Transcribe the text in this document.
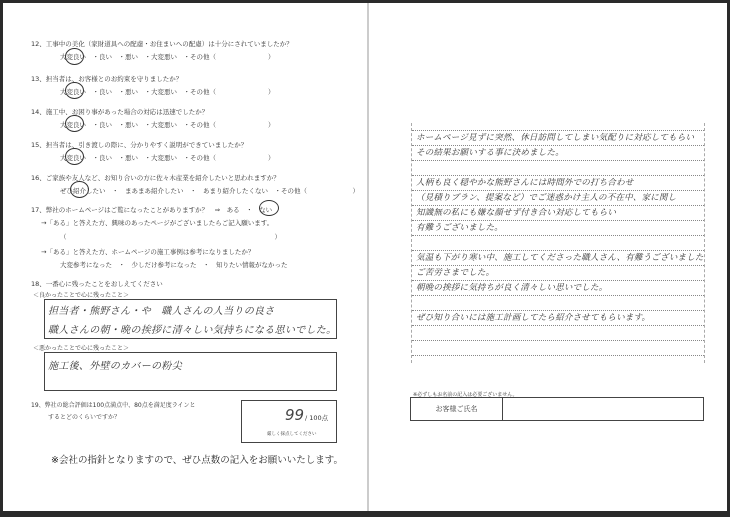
12、工事中の美化（家財道具への配慮・お住まいへの配慮）は十分にされていましたか？
大変良い　・良い　・悪い　・大変悪い　・その他（　　　　　　　　）
13、担当者は、お客様とのお約束を守りましたか？
大変良い　・良い　・悪い　・大変悪い　・その他（　　　　　　　　）
14、施工中、お困り事があった場合の対応は迅速でしたか？
大変良い　・良い　・悪い　・大変悪い　・その他（　　　　　　　　）
15、担当者は、引き渡しの際に、分かりやすく説明ができていましたか？
大変良い　・良い　・悪い　・大変悪い　・その他（　　　　　　　　）
16、ご家族や友人など、お知り合いの方に佐々木産業を紹介したいと思われますか？
ぜひ紹介したい　・　まあまあ紹介したい　・　あまり紹介したくない　・その他（　　　　　　　）
17、弊社のホームページはご覧になったことがありますか？　⇒　ある　・　ない
→「ある」と答えた方、興味のあったページがございましたらご記入願います。
（　　　　　　　　　　　　　　　　　　　　　　　　　　　　　　　　）
→「ある」と答えた方、ホームページの施工事例は参考になりましたか？
大変参考になった　・　少しだけ参考になった　・　知りたい情報がなかった
18、一番心に残ったことをおしえてください
＜良かったことで心に残ったこと＞
担当者・熊野さん・や　職人さんの人当りの良さ
職人さんの朝・晩の挨拶に清々しい気持ちになる思いでした。
＜悪かったことで心に残ったこと＞
施工後、外壁のカバーの粉尖
19、弊社の総合評価は100点満点中、80点を満足度ラインと
するとどのくらいですか？	99 / 100点
厳しく採点してください
※会社の指針となりますので、ぜひ点数の記入をお願いいたします。
ホームページ見ずに突然、休日訪問してしまい気配りに対応してもらい
その結果お願いする事に決めました。
人柄も良く穏やかな熊野さんには時間外での打ち合わせ
（見積りプラン、提案など）でご迷惑かけ主人の不在中、家に関し
知識無の私にも嫌な顔せず付き合い対応してもらい
有難うございました。
気温も下がり寒い中、施工してくださった職人さん、有難うございました
ご苦労さまでした。
朝晩の挨拶に気持ちが良く清々しい思いでした。
ぜひ知り合いには施工計画してたら紹介させてもらいます。
※必ずしもお名前の記入は必要ございません。
お客様ご氏名
